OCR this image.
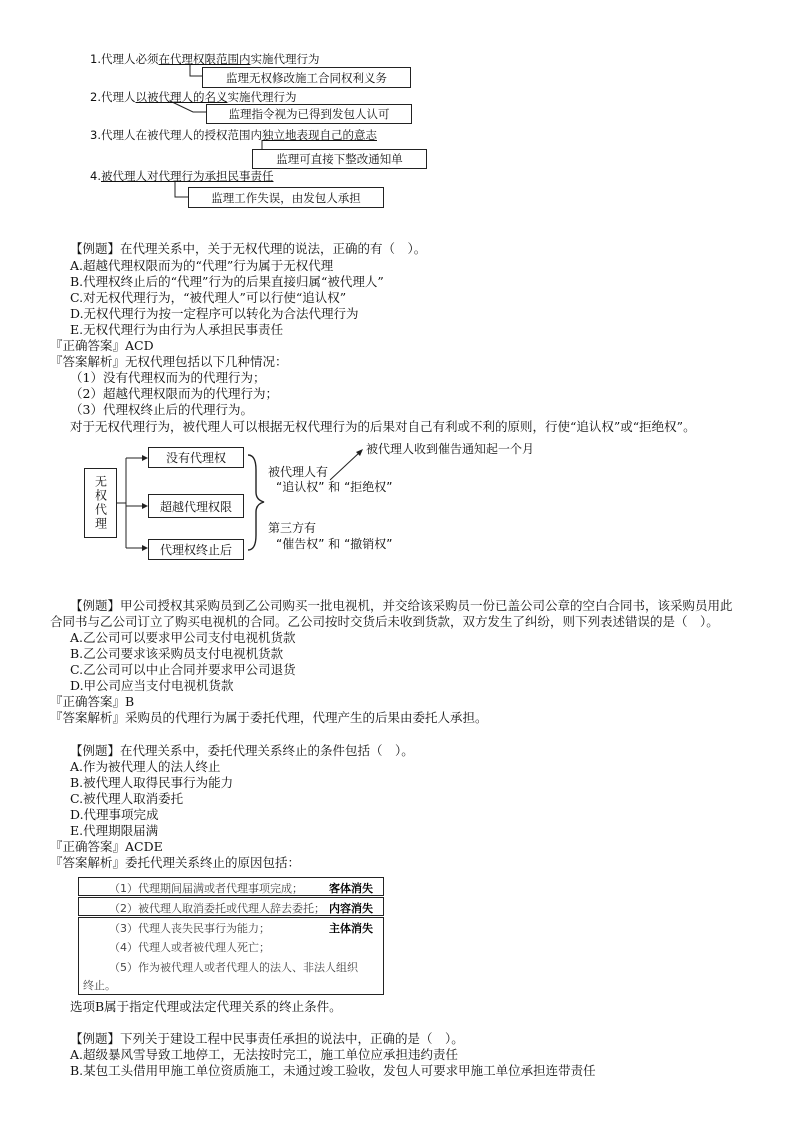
1.代理人必须在代理权限范围内实施代理行为
监理无权修改施工合同权利义务
2.代理人以被代理人的名义实施代理行为
监理指令视为已得到发包人认可
3.代理人在被代理人的授权范围内独立地表现自己的意志
监理可直接下整改通知单
4.被代理人对代理行为承担民事责任
监理工作失误，由发包人承担
【例题】在代理关系中，关于无权代理的说法，正确的有（　）。
A.超越代理权限而为的“代理”行为属于无权代理
B.代理权终止后的“代理”行为的后果直接归属“被代理人”
C.对无权代理行为，“被代理人”可以行使“追认权”
D.无权代理行为按一定程序可以转化为合法代理行为
E.无权代理行为由行为人承担民事责任
『正确答案』ACD
『答案解析』无权代理包括以下几种情况：
（1）没有代理权而为的代理行为；
（2）超越代理权限而为的代理行为；
（3）代理权终止后的代理行为。
对于无权代理行为，被代理人可以根据无权代理行为的后果对自己有利或不利的原则，行使“追认权”或“拒绝权”。
无权代理
没有代理权
超越代理权限
代理权终止后
被代理人收到催告通知起一个月
被代理人有
“追认权” 和 “拒绝权”
第三方有
“催告权” 和 “撤销权”
【例题】甲公司授权其采购员到乙公司购买一批电视机，并交给该采购员一份已盖公司公章的空白合同书，该采购员用此
合同书与乙公司订立了购买电视机的合同。乙公司按时交货后未收到货款，双方发生了纠纷，则下列表述错误的是（　）。
A.乙公司可以要求甲公司支付电视机货款
B.乙公司要求该采购员支付电视机货款
C.乙公司可以中止合同并要求甲公司退货
D.甲公司应当支付电视机货款
『正确答案』B
『答案解析』采购员的代理行为属于委托代理，代理产生的后果由委托人承担。
【例题】在代理关系中，委托代理关系终止的条件包括（　）。
A.作为被代理人的法人终止
B.被代理人取得民事行为能力
C.被代理人取消委托
D.代理事项完成
E.代理期限届满
『正确答案』ACDE
『答案解析』委托代理关系终止的原因包括：
（1）代理期间届满或者代理事项完成； 客体消失
（2）被代理人取消委托或代理人辞去委托； 内容消失
（3）代理人丧失民事行为能力；	主体消失
（4）代理人或者被代理人死亡；
（5）作为被代理人或者代理人的法人、非法人组织
终止。
选项B属于指定代理或法定代理关系的终止条件。
【例题】下列关于建设工程中民事责任承担的说法中，正确的是（　）。
A.超级暴风雪导致工地停工，无法按时完工，施工单位应承担违约责任
B.某包工头借用甲施工单位资质施工，未通过竣工验收，发包人可要求甲施工单位承担连带责任
